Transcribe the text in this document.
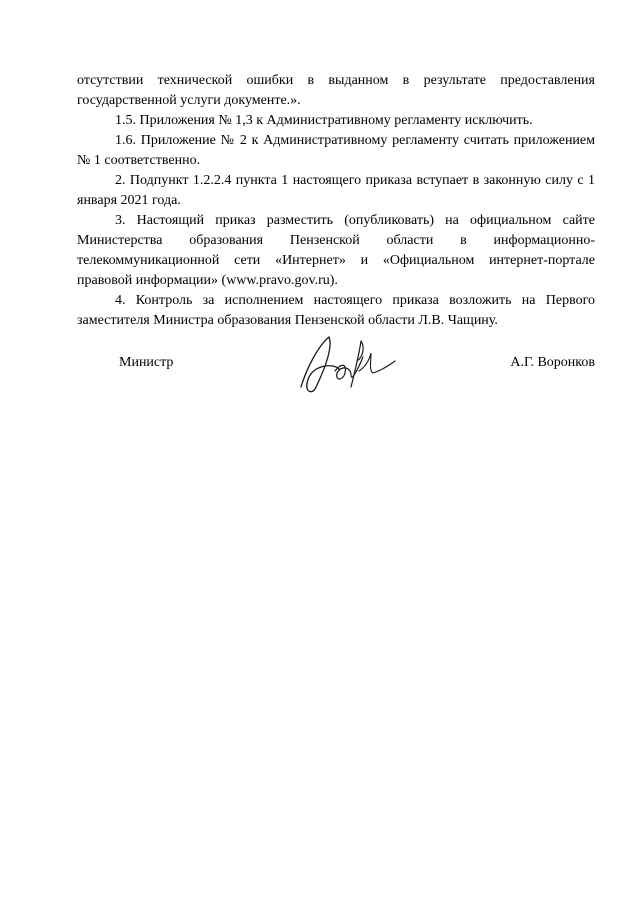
отсутствии технической ошибки в выданном в результате предоставления государственной услуги документе.».

1.5. Приложения № 1,3 к Административному регламенту исключить.

1.6. Приложение № 2 к Административному регламенту считать приложением № 1 соответственно.

2. Подпункт 1.2.2.4 пункта 1 настоящего приказа вступает в законную силу с 1 января 2021 года.

3. Настоящий приказ разместить (опубликовать) на официальном сайте Министерства образования Пензенской области в информационно-телекоммуникационной сети «Интернет» и «Официальном интернет-портале правовой информации» (www.pravo.gov.ru).

4. Контроль за исполнением настоящего приказа возложить на Первого заместителя Министра образования Пензенской области Л.В. Чащину.

Министр	А.Г. Воронков
